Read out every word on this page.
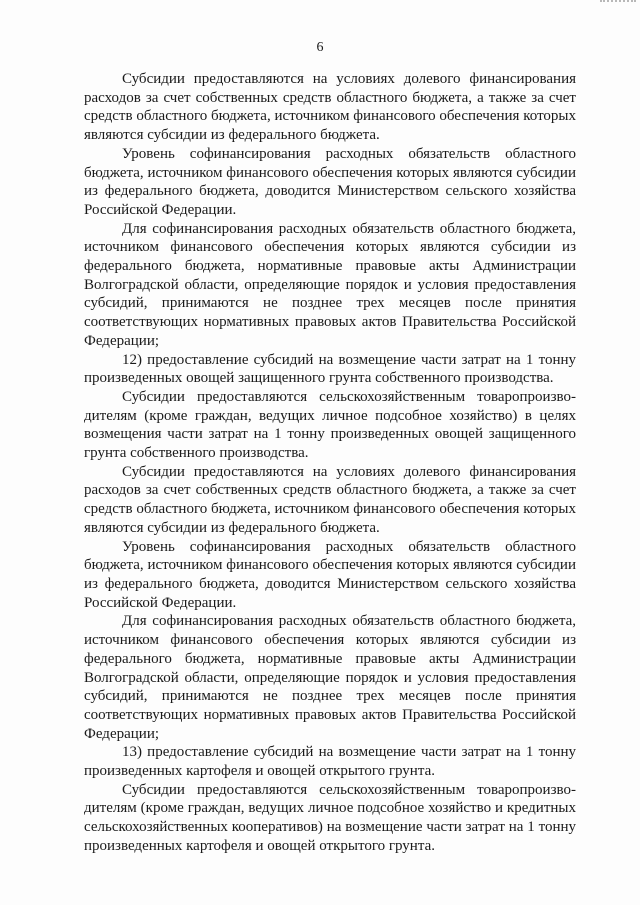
6

Субсидии предоставляются на условиях долевого финансирования расходов за счет собственных средств областного бюджета, а также за счет средств областного бюджета, источником финансового обеспечения которых являются субсидии из федерального бюджета.

Уровень софинансирования расходных обязательств областного бюджета, источником финансового обеспечения которых являются субсидии из федерального бюджета, доводится Министерством сельского хозяйства Российской Федерации.

Для софинансирования расходных обязательств областного бюджета, источником финансового обеспечения которых являются субсидии из федерального бюджета, нормативные правовые акты Администрации Волгоградской области, определяющие порядок и условия предоставления субсидий, принимаются не позднее трех месяцев после принятия соответствующих нормативных правовых актов Правительства Российской Федерации;

12) предоставление субсидий на возмещение части затрат на 1 тонну произведенных овощей защищенного грунта собственного производства.

Субсидии предоставляются сельскохозяйственным товаропроизводителям (кроме граждан, ведущих личное подсобное хозяйство) в целях возмещения части затрат на 1 тонну произведенных овощей защищенного грунта собственного производства.

Субсидии предоставляются на условиях долевого финансирования расходов за счет собственных средств областного бюджета, а также за счет средств областного бюджета, источником финансового обеспечения которых являются субсидии из федерального бюджета.

Уровень софинансирования расходных обязательств областного бюджета, источником финансового обеспечения которых являются субсидии из федерального бюджета, доводится Министерством сельского хозяйства Российской Федерации.

Для софинансирования расходных обязательств областного бюджета, источником финансового обеспечения которых являются субсидии из федерального бюджета, нормативные правовые акты Администрации Волгоградской области, определяющие порядок и условия предоставления субсидий, принимаются не позднее трех месяцев после принятия соответствующих нормативных правовых актов Правительства Российской Федерации;

13) предоставление субсидий на возмещение части затрат на 1 тонну произведенных картофеля и овощей открытого грунта.

Субсидии предоставляются сельскохозяйственным товаропроизводителям (кроме граждан, ведущих личное подсобное хозяйство и кредитных сельскохозяйственных кооперативов) на возмещение части затрат на 1 тонну произведенных картофеля и овощей открытого грунта.
